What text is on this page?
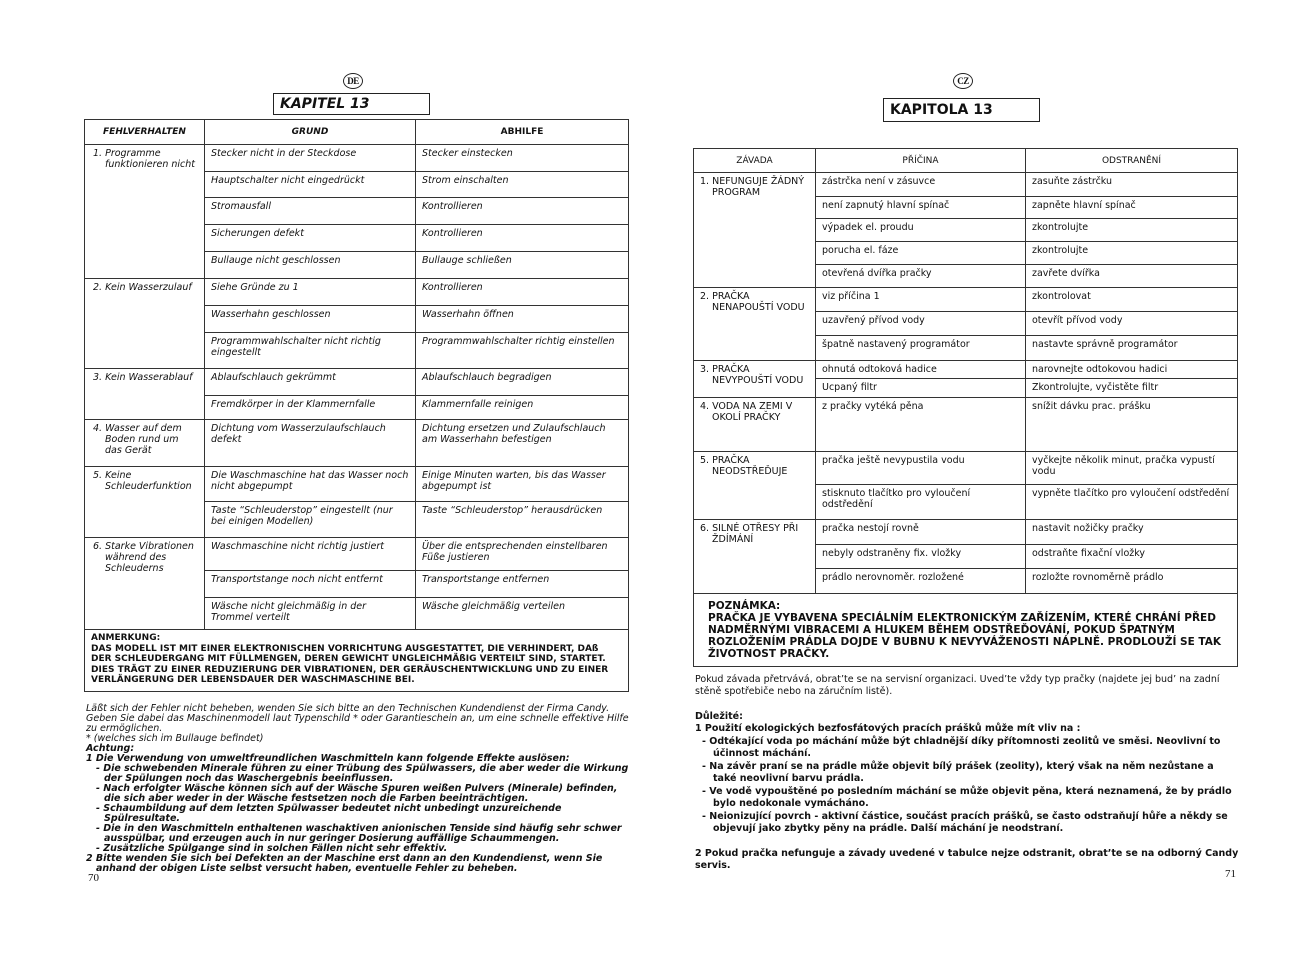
DE
KAPITEL 13
FEHLVERHALTEN	GRUND	ABHILFE

1. Programme funktionieren nicht	Stecker nicht in der Steckdose	Stecker einstecken
	Hauptschalter nicht eingedrückt	Strom einschalten
	Stromausfall	Kontrollieren
	Sicherungen defekt	Kontrollieren
	Bullauge nicht geschlossen	Bullauge schließen

2. Kein Wasserzulauf	Siehe Gründe zu 1	Kontrollieren
	Wasserhahn geschlossen	Wasserhahn öffnen
	Programmwahlschalter nicht richtig eingestellt	Programmwahlschalter richtig einstellen

3. Kein Wasserablauf	Ablaufschlauch gekrümmt	Ablaufschlauch begradigen
	Fremdkörper in der Klammernfalle	Klammernfalle reinigen

4. Wasser auf dem Boden rund um das Gerät	Dichtung vom Wasserzulaufschlauch defekt	Dichtung ersetzen und Zulaufschlauch am Wasserhahn befestigen

5. Keine Schleuderfunktion	Die Waschmaschine hat das Wasser noch nicht abgepumpt	Einige Minuten warten, bis das Wasser abgepumpt ist
	Taste “Schleuderstop” eingestellt (nur bei einigen Modellen)	Taste “Schleuderstop” herausdrücken

6. Starke Vibrationen während des Schleuderns	Waschmaschine nicht richtig justiert	Über die entsprechenden einstellbaren Füße justieren
	Transportstange noch nicht entfernt	Transportstange entfernen
	Wäsche nicht gleichmäßig in der Trommel verteilt	Wäsche gleichmäßig verteilen

ANMERKUNG:
DAS MODELL IST MIT EINER ELEKTRONISCHEN VORRICHTUNG AUSGESTATTET, DIE VERHINDERT, DAß DER SCHLEUDERGANG MIT FÜLLMENGEN, DEREN GEWICHT UNGLEICHMÄßIG VERTEILT SIND, STARTET. DIES TRÄGT ZU EINER REDUZIERUNG DER VIBRATIONEN, DER GERÄUSCHENTWICKLUNG UND ZU EINER VERLÄNGERUNG DER LEBENSDAUER DER WASCHMASCHINE BEI.		
Läßt sich der Fehler nicht beheben, wenden Sie sich bitte an den Technischen Kundendienst der Firma Candy. Geben Sie dabei das Maschinenmodell laut Typenschild * oder Garantieschein an, um eine schnelle effektive Hilfe zu ermöglichen.
* (welches sich im Bullauge befindet)
Achtung:
1 Die Verwendung von umweltfreundlichen Waschmitteln kann folgende Effekte auslösen:
- Die schwebenden Minerale führen zu einer Trübung des Spülwassers, die aber weder die Wirkung der Spülungen noch das Waschergebnis beeinflussen.
- Nach erfolgter Wäsche können sich auf der Wäsche Spuren weißen Pulvers (Minerale) befinden, die sich aber weder in der Wäsche festsetzen noch die Farben beeinträchtigen.
- Schaumbildung auf dem letzten Spülwasser bedeutet nicht unbedingt unzureichende Spülresultate.
- Die in den Waschmitteln enthaltenen waschaktiven anionischen Tenside sind häufig sehr schwer ausspülbar, und erzeugen auch in nur geringer Dosierung auffällige Schaummengen.
- Zusätzliche Spülgange sind in solchen Fällen nicht sehr effektiv.
2 Bitte wenden Sie sich bei Defekten an der Maschine erst dann an den Kundendienst, wenn Sie anhand der obigen Liste selbst versucht haben, eventuelle Fehler zu beheben.
70
CZ
KAPITOLA 13
ZÁVADA	PŘÍČINA	ODSTRANĚNÍ

1. NEFUNGUJE ŽÁDNÝ PROGRAM	zástrčka není v zásuvce	zasuňte zástrčku
	není zapnutý hlavní spínač	zapněte hlavní spínač
	výpadek el. proudu	zkontrolujte
	porucha el. fáze	zkontrolujte
	otevřená dvířka pračky	zavřete dvířka

2. PRAČKA NENAPOUŠTÍ VODU	viz příčina 1	zkontrolovat
	uzavřený přívod vody	otevřít přívod vody
	špatně nastavený programátor	nastavte správně programátor

3. PRAČKA NEVYPOUŠTÍ VODU	ohnutá odtoková hadice	narovnejte odtokovou hadici
	Ucpaný filtr	Zkontrolujte, vyčistěte filtr

4. VODA NA ZEMI V OKOLÍ PRAČKY	z pračky vytéká pěna	snížit dávku prac. prášku

5. PRAČKA NEODSTŘEĎUJE	pračka ještě nevypustila vodu	vyčkejte několik minut, pračka vypustí vodu
	stisknuto tlačítko pro vyloučení odstředění	vypněte tlačítko pro vyloučení odstředění

6. SILNÉ OTŘESY PŘI ŽDÍMÁNÍ	pračka nestojí rovně	nastavit nožičky pračky
	nebyly odstraněny fix. vložky	odstraňte fixační vložky
	prádlo nerovnoměr. rozložené	rozložte rovnoměrně prádlo

POZNÁMKA:
PRAČKA JE VYBAVENA SPECIÁLNÍM ELEKTRONICKÝM ZAŘÍZENÍM, KTERÉ CHRÁNÍ PŘED NADMĚRNÝMI VIBRACEMI A HLUKEM BĚHEM ODSTŘEĎOVÁNÍ, POKUD ŠPATNÝM ROZLOŽENÍM PRÁDLA DOJDE V BUBNU K NEVYVÁŽENOSTI NÁPLNĚ. PRODLOUŽÍ SE TAK ŽIVOTNOST PRAČKY.		
Pokud závada přetrvává, obrat’te se na servisní organizaci. Uved’te vždy typ pračky (najdete jej bud’ na zadní stěně spotřebiče nebo na záručním listě).
Důležité:
1 Použití ekologických bezfosfátových pracích prášků může mít vliv na :
- Odtékající voda po máchání může být chladnější díky přítomnosti zeolitů ve směsi. Neovlivní to účinnost máchání.
- Na závěr praní se na prádle může objevit bílý prášek (zeolity), který však na něm nezůstane a také neovlivní barvu prádla.
- Ve vodě vypouštěné po posledním máchání se může objevit pěna, která neznamená, že by prádlo bylo nedokonale vymácháno.
- Neionizující povrch - aktivní částice, součást pracích prášků, se často odstraňují hůře a někdy se objevují jako zbytky pěny na prádle. Další máchání je neodstraní.
2 Pokud pračka nefunguje a závady uvedené v tabulce nejze odstranit, obrat’te se na odborný Candy servis.
71
